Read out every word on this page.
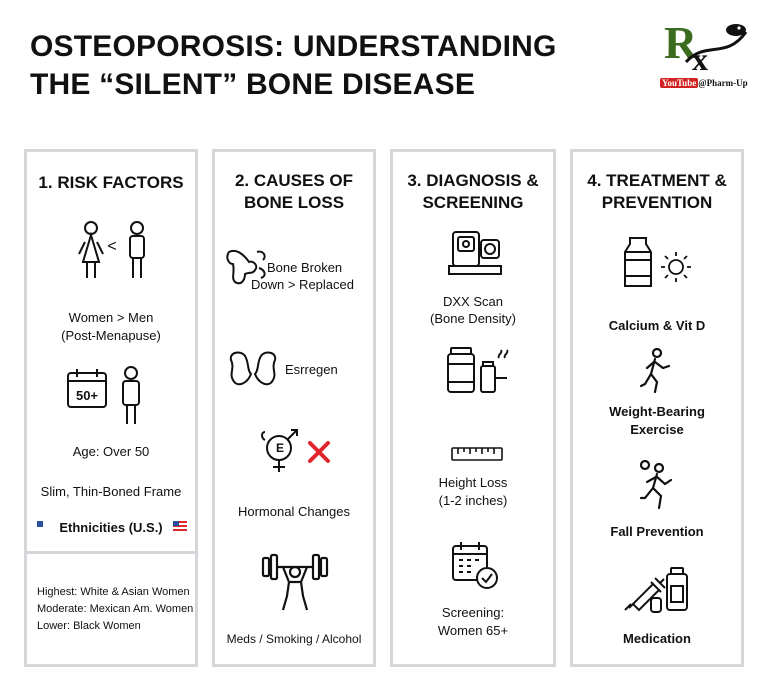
OSTEOPOROSIS: UNDERSTANDING
THE “SILENT” BONE DISEASE
R
x
YouTube @Pharm-Up
1. RISK FACTORS
<
Women > Men
(Post-Menapuse)
50+
Age: Over 50
Slim, Thin-Boned Frame
Ethnicities (U.S.)
Highest: White & Asian Women
Moderate: Mexican Am. Women
Lower: Black Women
2. CAUSES OF
BONE LOSS
Bone Broken
Down > Replaced
Esrregen
E
Hormonal Changes
Meds / Smoking / Alcohol
3. DIAGNOSIS &
SCREENING
DXX Scan
(Bone Density)
Height Loss
(1-2 inches)
Screening:
Women 65+
4. TREATMENT &
PREVENTION
Calcium & Vit D
Weight-Bearing
Exercise
Fall Prevention
Medication
